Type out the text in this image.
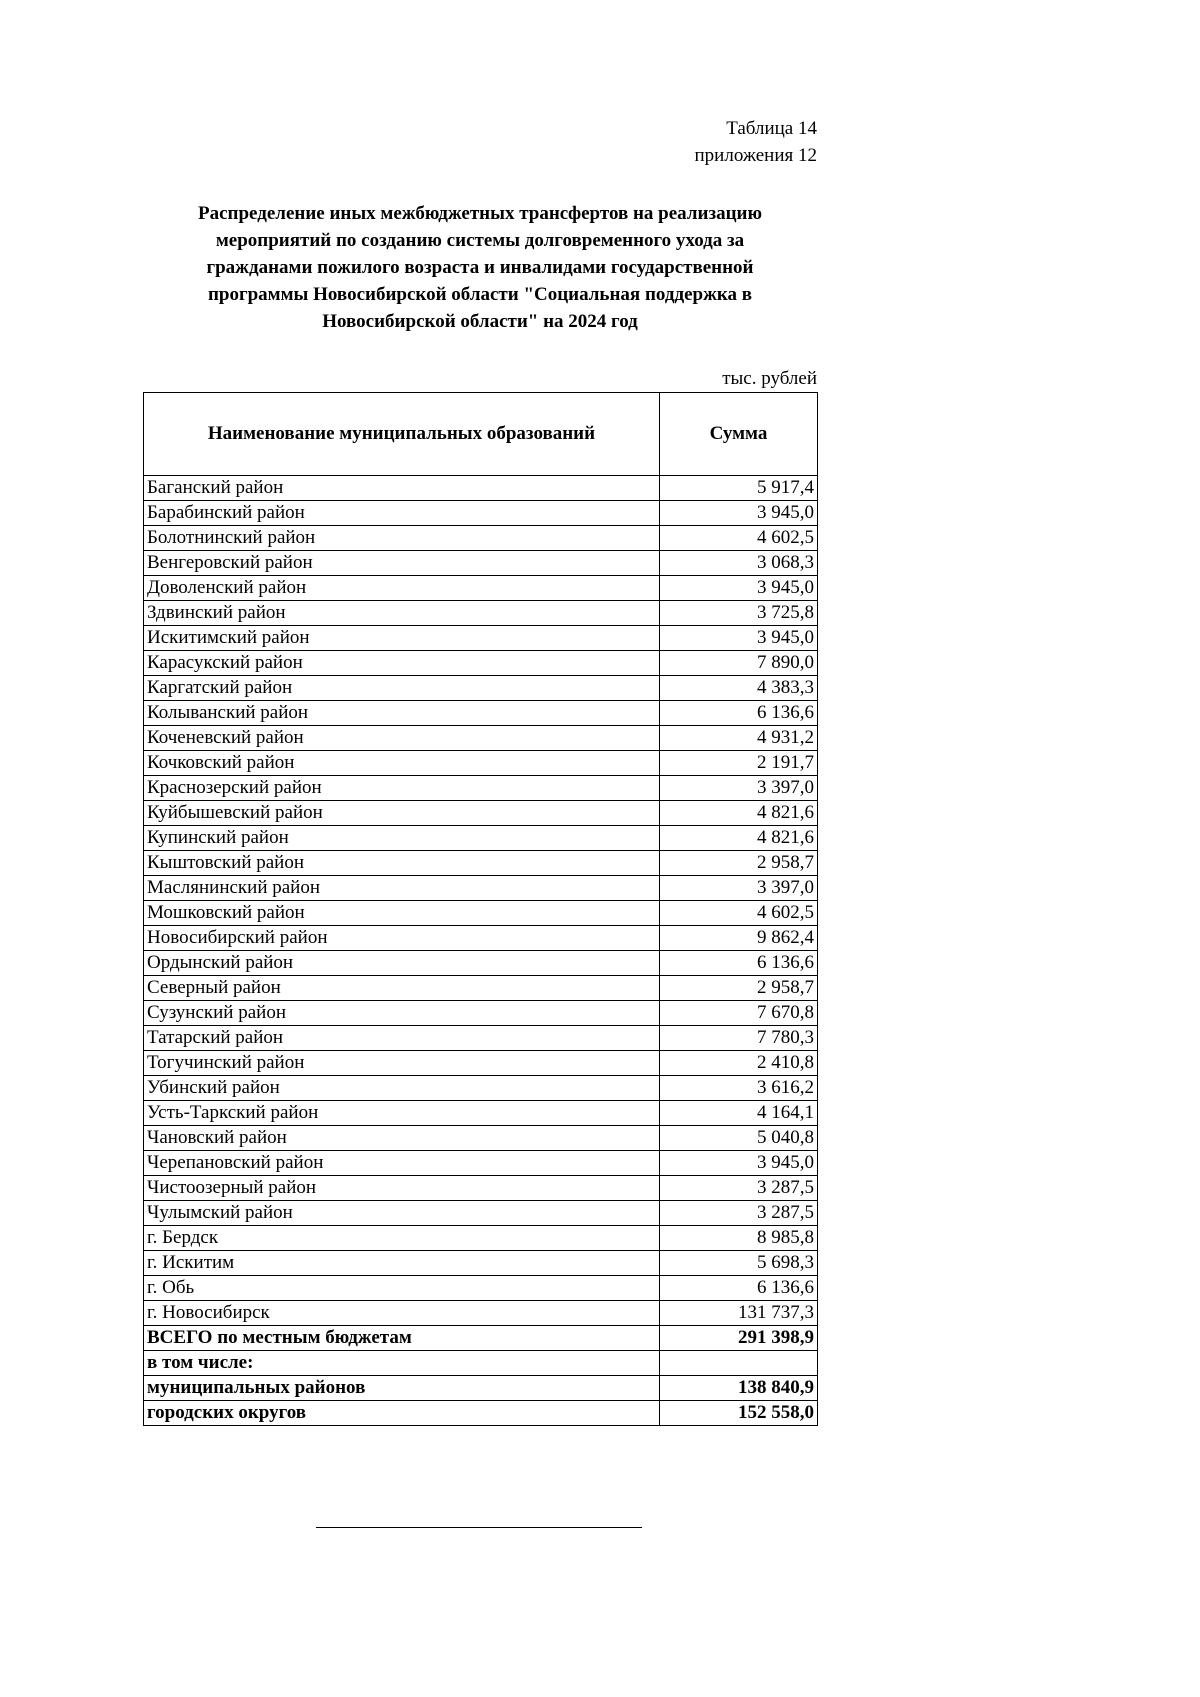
Таблица 14
приложения 12
Распределение иных межбюджетных трансфертов на реализацию
мероприятий по созданию системы долговременного ухода за
гражданами пожилого возраста и инвалидами государственной
программы Новосибирской области "Социальная поддержка в
Новосибирской области" на 2024 год
тыс. рублей
Наименование муниципальных образований	Сумма
Баганский район	5 917,4
Барабинский район	3 945,0
Болотнинский район	4 602,5
Венгеровский район	3 068,3
Доволенский район	3 945,0
Здвинский район	3 725,8
Искитимский район	3 945,0
Карасукский район	7 890,0
Каргатский район	4 383,3
Колыванский район	6 136,6
Коченевский район	4 931,2
Кочковский район	2 191,7
Краснозерский район	3 397,0
Куйбышевский район	4 821,6
Купинский район	4 821,6
Кыштовский район	2 958,7
Маслянинский район	3 397,0
Мошковский район	4 602,5
Новосибирский район	9 862,4
Ордынский район	6 136,6
Северный район	2 958,7
Сузунский район	7 670,8
Татарский район	7 780,3
Тогучинский район	2 410,8
Убинский район	3 616,2
Усть-Таркский район	4 164,1
Чановский район	5 040,8
Черепановский район	3 945,0
Чистоозерный район	3 287,5
Чулымский район	3 287,5
г. Бердск	8 985,8
г. Искитим	5 698,3
г. Обь	6 136,6
г. Новосибирск	131 737,3
ВСЕГО по местным бюджетам	291 398,9
в том числе:	
муниципальных районов	138 840,9
городских округов	152 558,0
